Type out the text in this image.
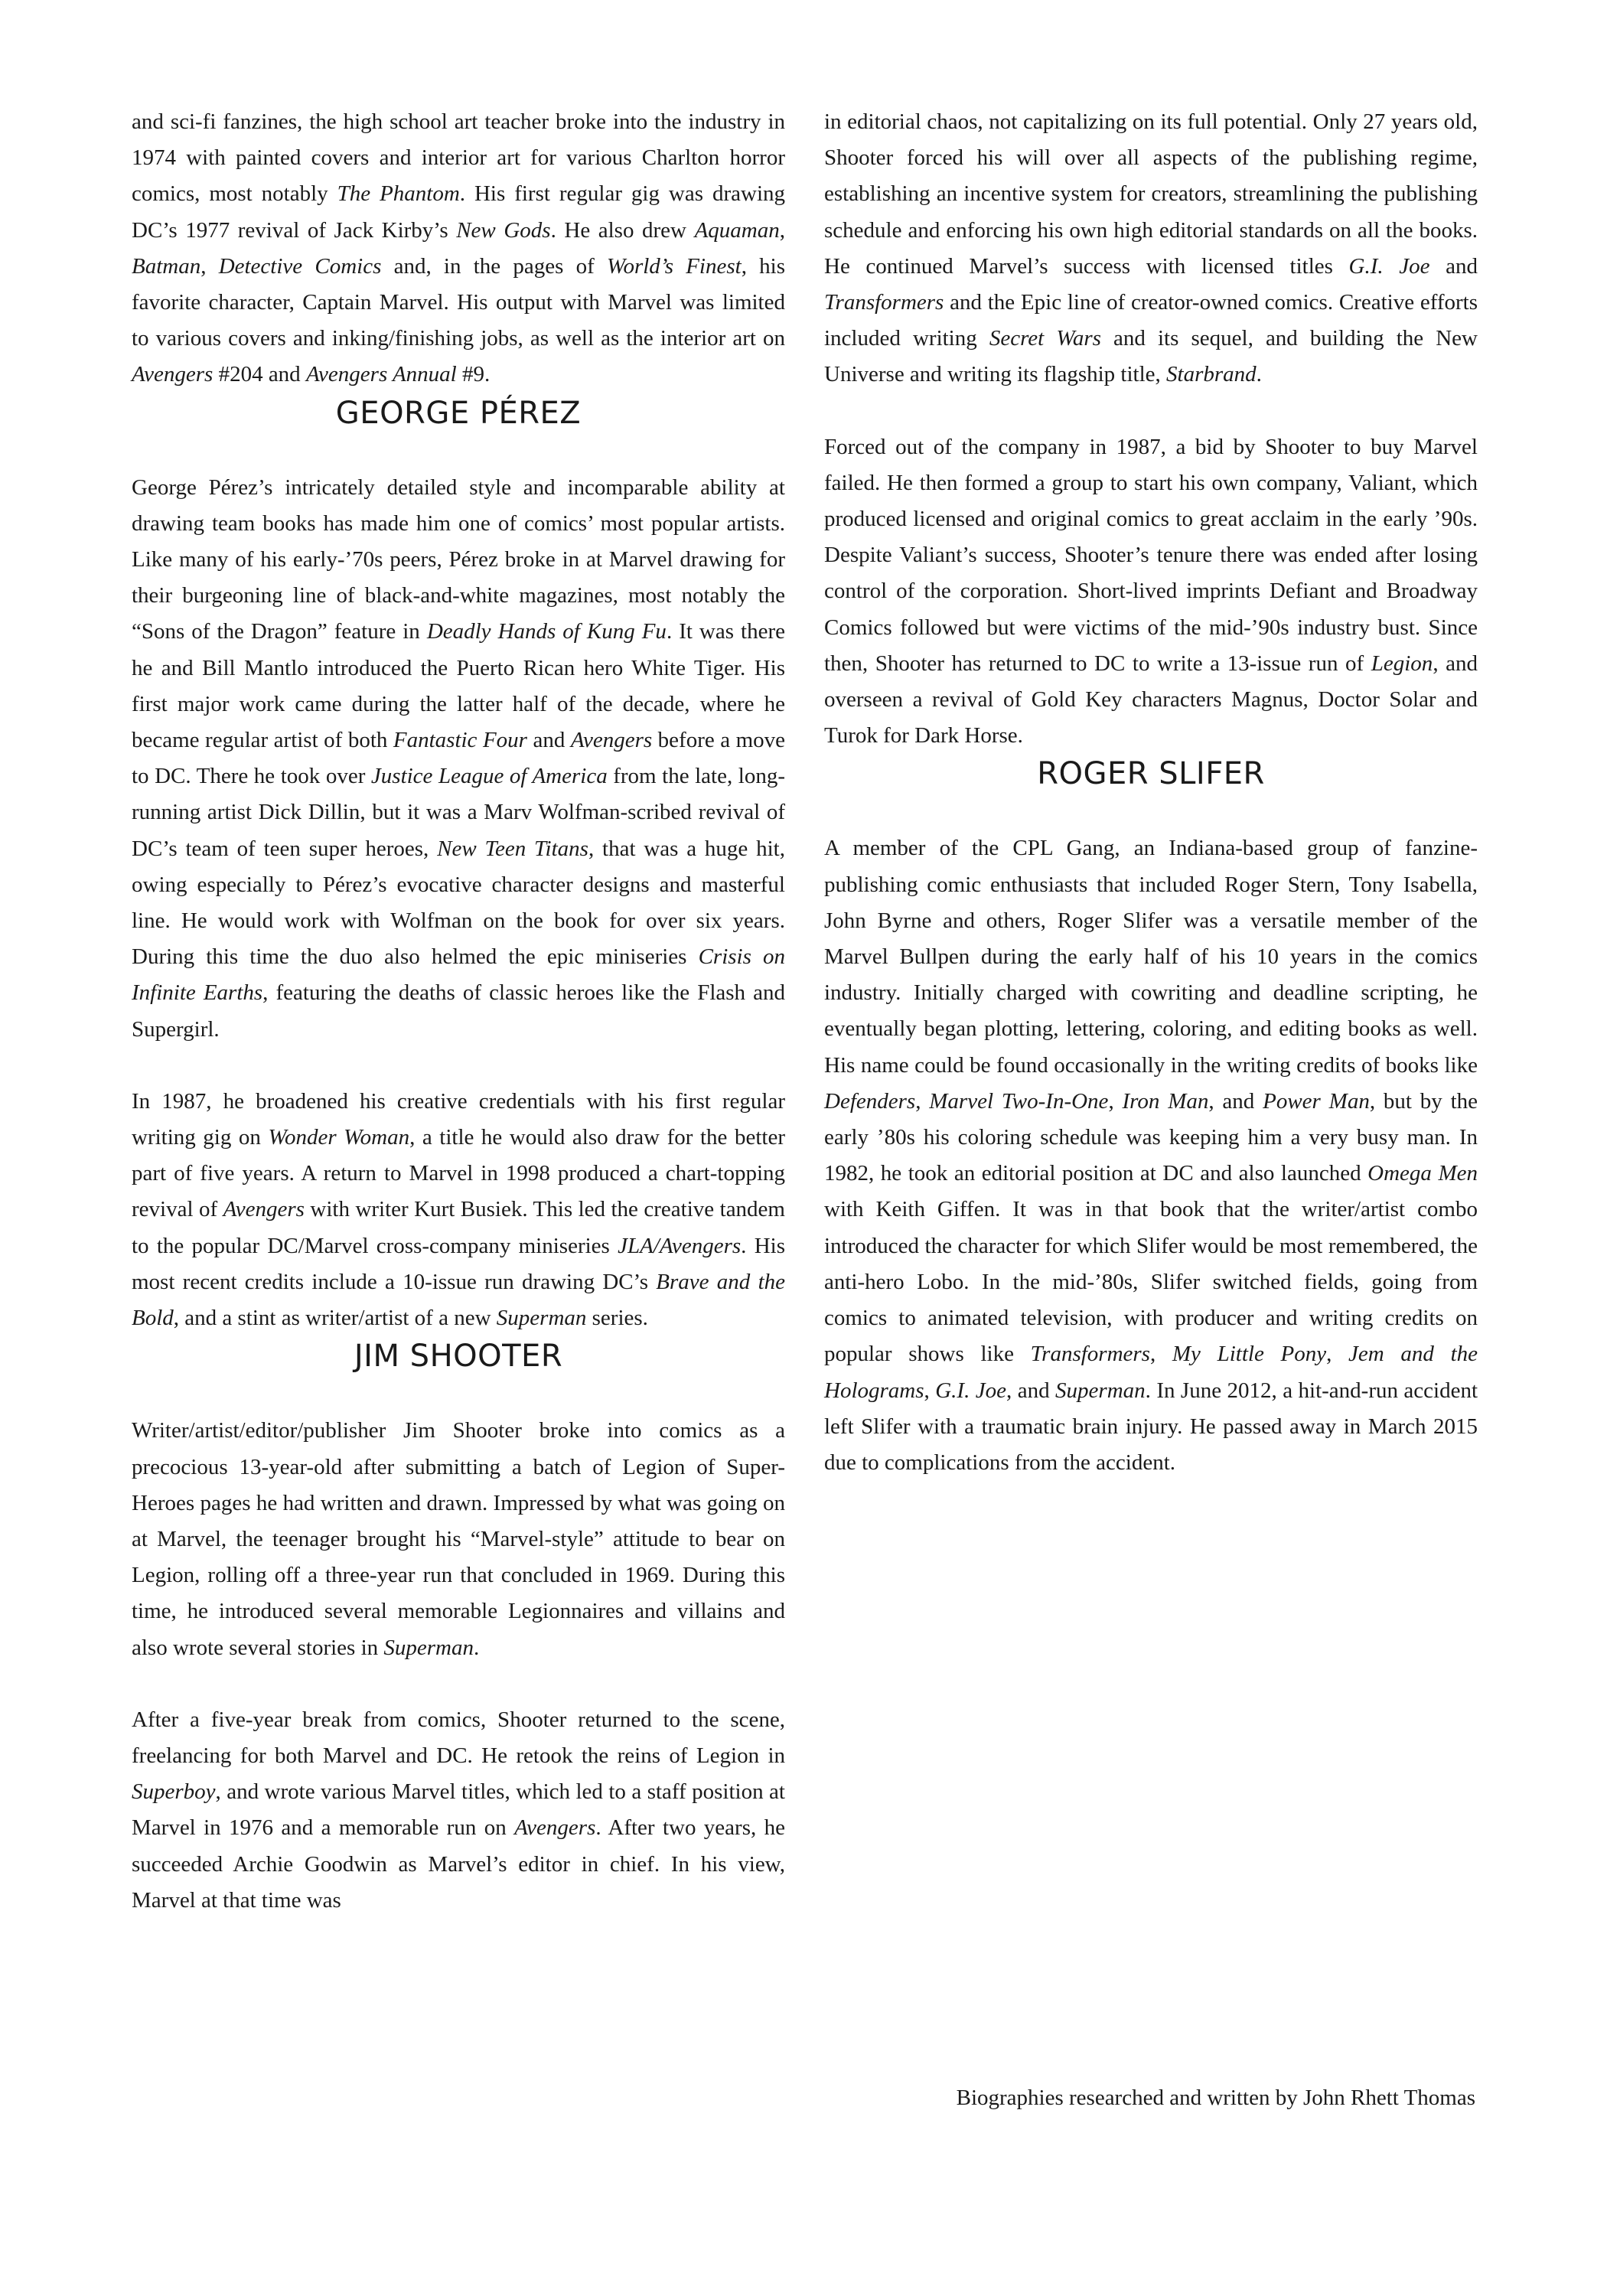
and sci-fi fanzines, the high school art teacher broke into the industry in 1974 with painted covers and interior art for various Charlton horror comics, most notably The Phantom. His first regular gig was drawing DC’s 1977 revival of Jack Kirby’s New Gods. He also drew Aquaman, Batman, Detective Comics and, in the pages of World’s Finest, his favorite character, Captain Marvel. His output with Marvel was limited to various covers and inking/finishing jobs, as well as the interior art on Avengers #204 and Avengers Annual #9.

GEORGE PÉREZ

George Pérez’s intricately detailed style and incomparable ability at drawing team books has made him one of comics’ most popular artists. Like many of his early-’70s peers, Pérez broke in at Marvel drawing for their burgeoning line of black-and-white magazines, most notably the “Sons of the Dragon” feature in Deadly Hands of Kung Fu. It was there he and Bill Mantlo introduced the Puerto Rican hero White Tiger. His first major work came during the latter half of the decade, where he became regular artist of both Fantastic Four and Avengers before a move to DC. There he took over Justice League of America from the late, long-running artist Dick Dillin, but it was a Marv Wolfman-scribed revival of DC’s team of teen super heroes, New Teen Titans, that was a huge hit, owing especially to Pérez’s evocative character designs and masterful line. He would work with Wolfman on the book for over six years. During this time the duo also helmed the epic miniseries Crisis on Infinite Earths, featuring the deaths of classic heroes like the Flash and Supergirl.

In 1987, he broadened his creative credentials with his first regular writing gig on Wonder Woman, a title he would also draw for the better part of five years. A return to Marvel in 1998 produced a chart-topping revival of Avengers with writer Kurt Busiek. This led the creative tandem to the popular DC/Marvel cross-company miniseries JLA/Avengers. His most recent credits include a 10-issue run drawing DC’s Brave and the Bold, and a stint as writer/artist of a new Superman series.

JIM SHOOTER

Writer/artist/editor/publisher Jim Shooter broke into comics as a precocious 13-year-old after submitting a batch of Legion of Super-Heroes pages he had written and drawn. Impressed by what was going on at Marvel, the teenager brought his “Marvel-style” attitude to bear on Legion, rolling off a three-year run that concluded in 1969. During this time, he introduced several memorable Legionnaires and villains and also wrote several stories in Superman.

After a five-year break from comics, Shooter returned to the scene, freelancing for both Marvel and DC. He retook the reins of Legion in Superboy, and wrote various Marvel titles, which led to a staff position at Marvel in 1976 and a memorable run on Avengers. After two years, he succeeded Archie Goodwin as Marvel’s editor in chief. In his view, Marvel at that time was

in editorial chaos, not capitalizing on its full potential. Only 27 years old, Shooter forced his will over all aspects of the publishing regime, establishing an incentive system for creators, streamlining the publishing schedule and enforcing his own high editorial standards on all the books. He continued Marvel’s success with licensed titles G.I. Joe and Transformers and the Epic line of creator-owned comics. Creative efforts included writing Secret Wars and its sequel, and building the New Universe and writing its flagship title, Starbrand.

Forced out of the company in 1987, a bid by Shooter to buy Marvel failed. He then formed a group to start his own company, Valiant, which produced licensed and original comics to great acclaim in the early ’90s. Despite Valiant’s success, Shooter’s tenure there was ended after losing control of the corporation. Short-lived imprints Defiant and Broadway Comics followed but were victims of the mid-’90s industry bust. Since then, Shooter has returned to DC to write a 13-issue run of Legion, and overseen a revival of Gold Key characters Magnus, Doctor Solar and Turok for Dark Horse.

ROGER SLIFER

A member of the CPL Gang, an Indiana-based group of fanzine-publishing comic enthusiasts that included Roger Stern, Tony Isabella, John Byrne and others, Roger Slifer was a versatile member of the Marvel Bullpen during the early half of his 10 years in the comics industry. Initially charged with cowriting and deadline scripting, he eventually began plotting, lettering, coloring, and editing books as well. His name could be found occasionally in the writing credits of books like Defenders, Marvel Two-In-One, Iron Man, and Power Man, but by the early ’80s his coloring schedule was keeping him a very busy man. In 1982, he took an editorial position at DC and also launched Omega Men with Keith Giffen. It was in that book that the writer/artist combo introduced the character for which Slifer would be most remembered, the anti-hero Lobo. In the mid-’80s, Slifer switched fields, going from comics to animated television, with producer and writing credits on popular shows like Transformers, My Little Pony, Jem and the Holograms, G.I. Joe, and Superman. In June 2012, a hit-and-run accident left Slifer with a traumatic brain injury. He passed away in March 2015 due to complications from the accident.

Biographies researched and written by John Rhett Thomas
